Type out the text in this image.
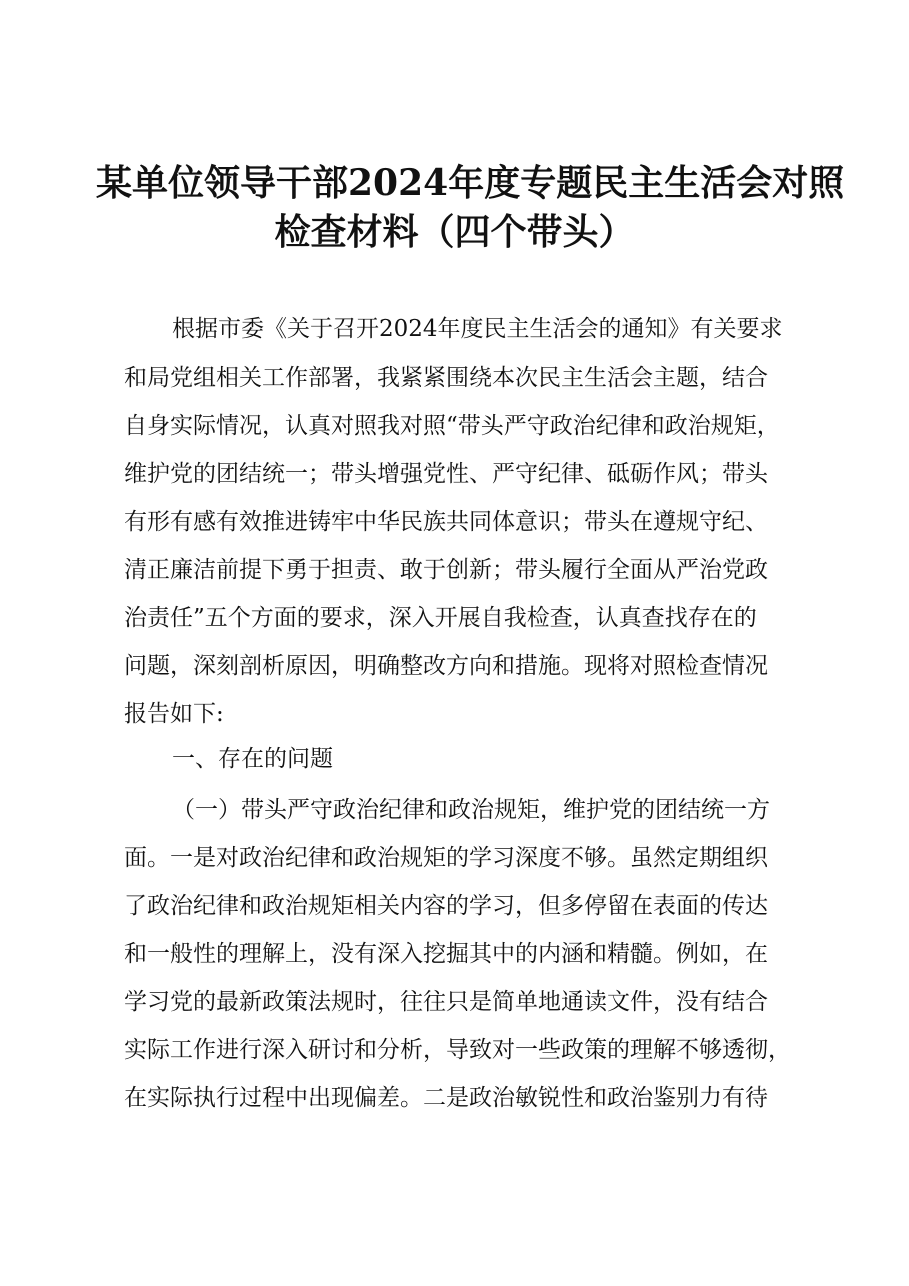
某单位领导干部2024年度专题民主生活会对照
检查材料（四个带头）
根据市委《关于召开2024年度民主生活会的通知》有关要求
和局党组相关工作部署，我紧紧围绕本次民主生活会主题，结合
自身实际情况，认真对照我对照“带头严守政治纪律和政治规矩，
维护党的团结统一；带头增强党性、严守纪律、砥砺作风；带头
有形有感有效推进铸牢中华民族共同体意识；带头在遵规守纪、
清正廉洁前提下勇于担责、敢于创新；带头履行全面从严治党政
治责任”五个方面的要求，深入开展自我检查，认真查找存在的
问题，深刻剖析原因，明确整改方向和措施。现将对照检查情况
报告如下:
一、存在的问题
（一）带头严守政治纪律和政治规矩，维护党的团结统一方
面。一是对政治纪律和政治规矩的学习深度不够。虽然定期组织
了政治纪律和政治规矩相关内容的学习，但多停留在表面的传达
和一般性的理解上，没有深入挖掘其中的内涵和精髓。例如，在
学习党的最新政策法规时，往往只是简单地通读文件，没有结合
实际工作进行深入研讨和分析，导致对一些政策的理解不够透彻，
在实际执行过程中出现偏差。二是政治敏锐性和政治鉴别力有待
